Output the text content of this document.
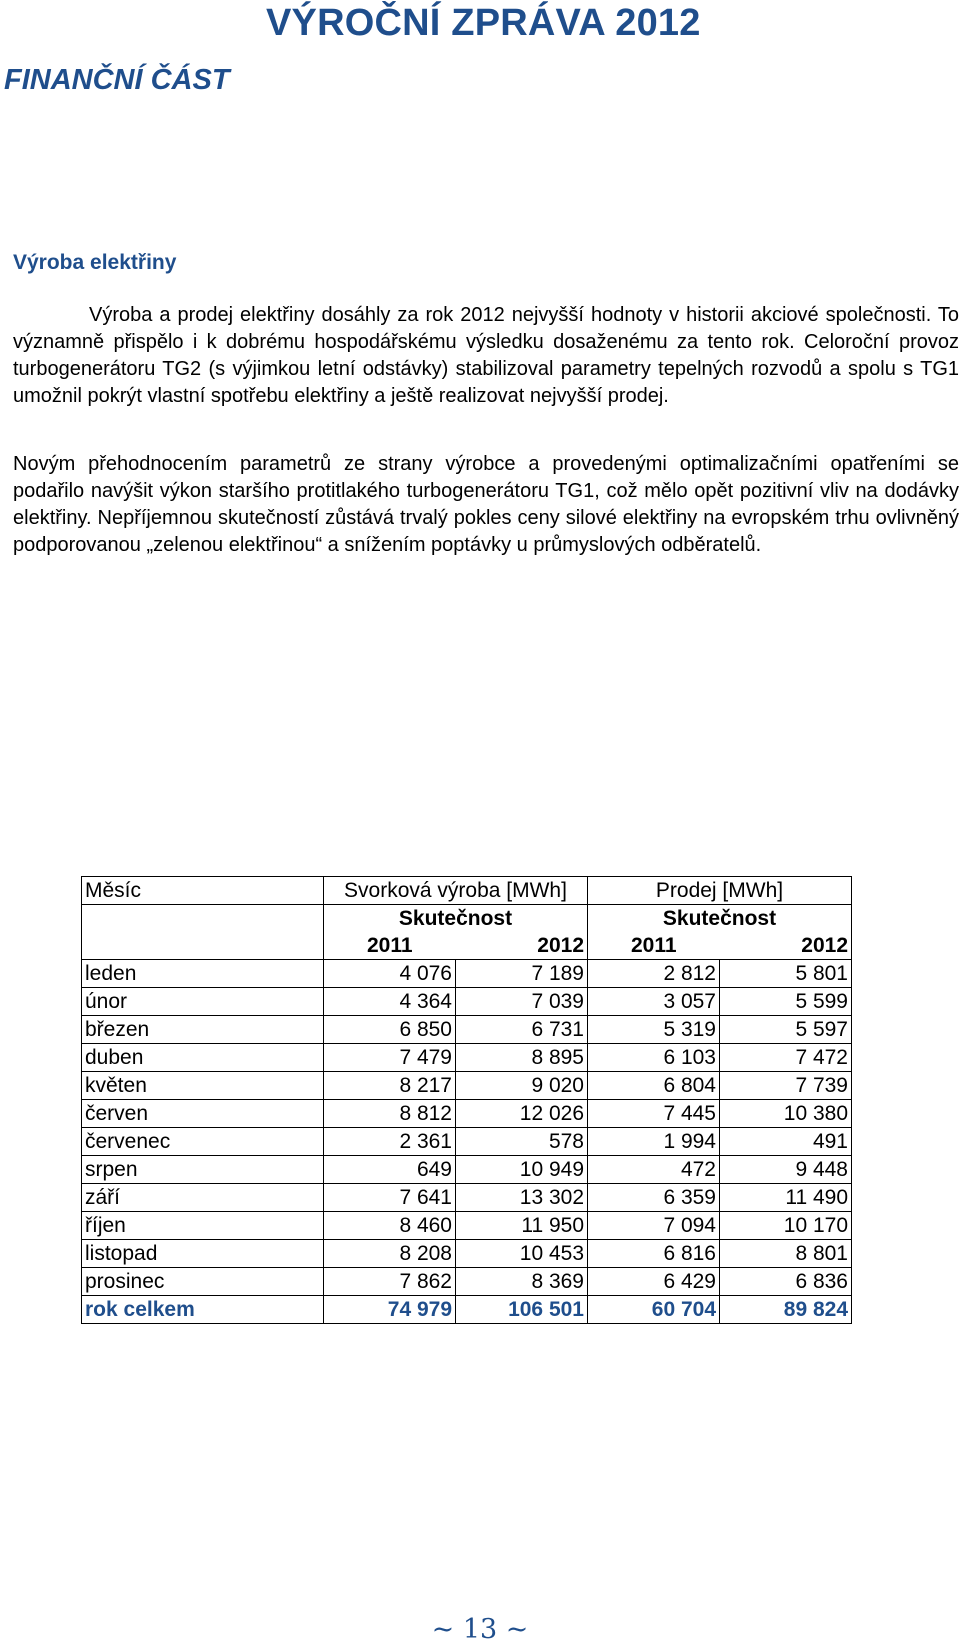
VÝROČNÍ ZPRÁVA 2012
FINANČNÍ ČÁST
Výroba elektřiny
Výroba a prodej elektřiny dosáhly za rok 2012 nejvyšší hodnoty v historii akciové společnosti. To významně přispělo i k dobrému hospodářskému výsledku dosaženému za tento rok. Celoroční provoz turbogenerátoru TG2 (s výjimkou letní odstávky) stabilizoval parametry tepelných rozvodů a spolu s TG1 umožnil pokrýt vlastní spotřebu elektřiny a ještě realizovat nejvyšší prodej.
Novým přehodnocením parametrů ze strany výrobce a provedenými optimalizačními opatřeními se podařilo navýšit výkon staršího protitlakého turbogenerátoru TG1, což mělo opět pozitivní vliv na dodávky elektřiny. Nepříjemnou skutečností zůstává trvalý pokles ceny silové elektřiny na evropském trhu ovlivněný podporovanou „zelenou elektřinou“ a snížením poptávky u průmyslových odběratelů.
Měsíc	Svorková výroba [MWh]		Prodej [MWh]	
	Skutečnost		Skutečnost	
	2011	2012	2011	2012
leden	4 076	7 189	2 812	5 801
únor	4 364	7 039	3 057	5 599
březen	6 850	6 731	5 319	5 597
duben	7 479	8 895	6 103	7 472
květen	8 217	9 020	6 804	7 739
červen	8 812	12 026	7 445	10 380
červenec	2 361	578	1 994	491
srpen	649	10 949	472	9 448
září	7 641	13 302	6 359	11 490
říjen	8 460	11 950	7 094	10 170
listopad	8 208	10 453	6 816	8 801
prosinec	7 862	8 369	6 429	6 836
rok celkem	74 979	106 501	60 704	89 824
~ 13 ~
